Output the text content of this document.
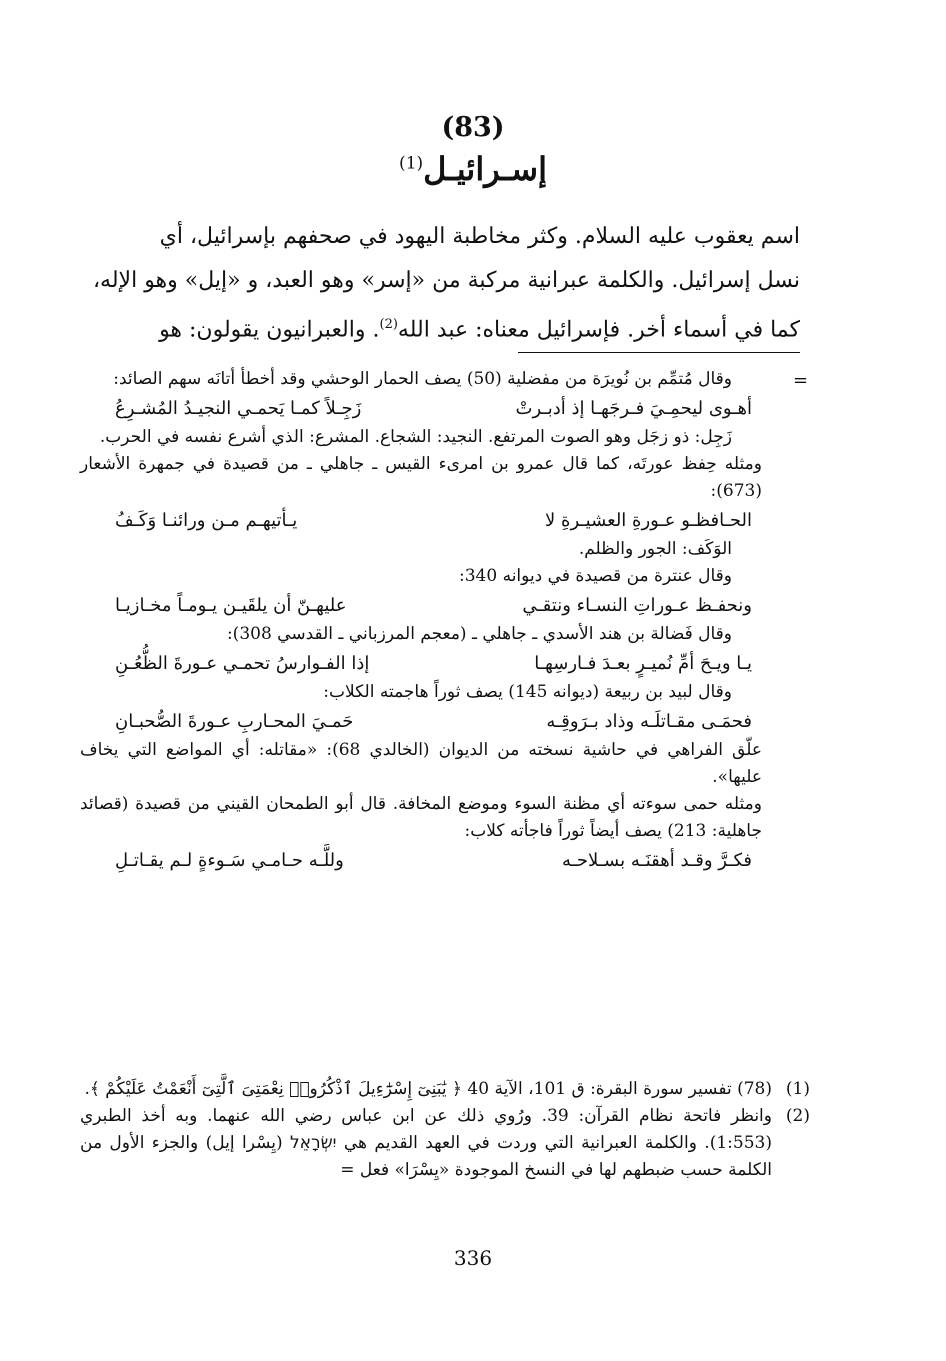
(83)
إسـرائيـل$^{(1)}$
اسم يعقوب عليه السلام. وكثر مخاطبة اليهود في صحفهم بإسرائيل، أي
نسل إسرائيل. والكلمة عبرانية مركبة من «إسر» وهو العبد، و «إيل» وهو الإله،
كما في أسماء أخر. فإسرائيل معناه: عبد الله$^{(2)}$. والعبرانيون يقولون: هو
=
وقال مُتمِّم بن نُويرَة من مفضلية (50) يصف الحمار الوحشي وقد أخطأ أتانَه سهم الصائد:
أهـوى ليحمِـيَ فـرجَهـا إذ أدبـرتْ
زَجِـلاً كمـا يَحمـي النجيـدُ المُشـرِعُ
زَجِل: ذو زجَل وهو الصوت المرتفع. النجيد: الشجاع. المشرع: الذي أشرع نفسه في الحرب.
ومثله حِفظ عورتَه، كما قال عمرو بن امرىء القيس ـ جاهلي ـ من قصيدة في جمهرة الأشعار (673):
الحـافظـو عـورةِ العشيـرةِ لا
يـأتيهـم مـن ورائنـا وَكَـفُ
الوَكَف: الجور والظلم.
وقال عنترة من قصيدة في ديوانه 340:
ونحفـظ عـوراتِ النسـاء ونتقـي
عليهـنّ أن يلقَيـن يـومـاً مخـازيـا
وقال فَضالة بن هند الأسدي ـ جاهلي ـ (معجم المرزباني ـ القدسي 308):
يـا ويـحَ أمِّ نُميـرٍ بعـدَ فـارسِهـا
إذا الفـوارسُ تحمـي عـورةَ الظُّعُـنِ
وقال لبيد بن ربيعة (ديوانه 145) يصف ثوراً هاجمته الكلاب:
فحمَـى مقـاتلَـه وذاد بـرَوقِـه
حَمـيَ المحـاربِ عـورةَ الصُّحبـانِ
علّق الفراهي في حاشية نسخته من الديوان (الخالدي 68): «مقاتله: أي المواضع التي يخاف عليها».
ومثله حمى سوءته أي مظنة السوء وموضع المخافة. قال أبو الطمحان القيني من قصيدة (قصائد جاهلية: 213) يصف أيضاً ثوراً فاجأته كلاب:
فكـرَّ وقـد أهقنَـه بسـلاحـه
وللَّـه حـامـي سَـوءةٍ لـم يقـاتـلِ
(1)
(78) تفسير سورة البقرة: ق 101، الآية 40 ﴿ يَٰبَنِىٓ إِسْرَٰٓءِيلَ ٱذْكُرُوا۟ نِعْمَتِىَ ٱلَّتِىٓ أَنْعَمْتُ عَلَيْكُمْ ﴾.
(2)
وانظر فاتحة نظام القرآن: 39. ورُوي ذلك عن ابن عباس رضي الله عنهما. وبه أخذ الطبري (1:553). والكلمة العبرانية التي وردت في العهد القديم هي יִשְׂרָאֵל (يِسْرا إيل) والجزء الأول من الكلمة حسب ضبطهم لها في النسخ الموجودة «يِسْرَا» فعل =
336
